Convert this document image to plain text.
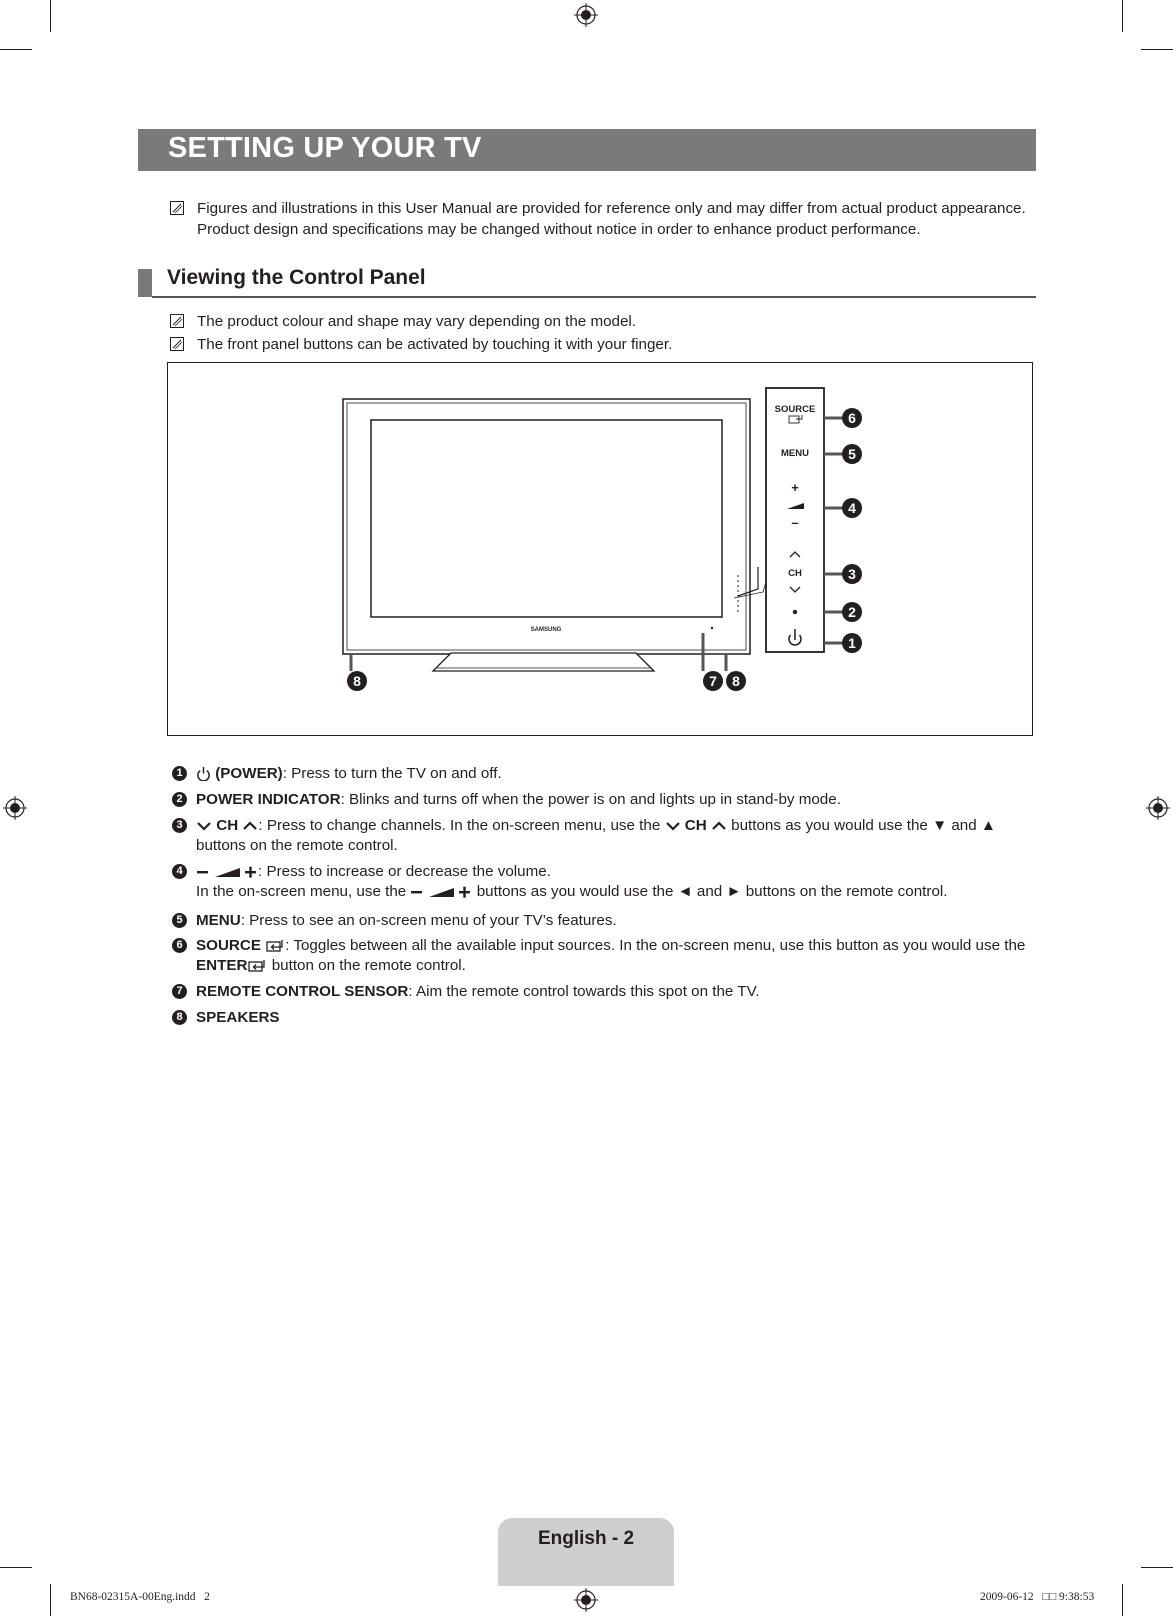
SETTING UP YOUR TV
Figures and illustrations in this User Manual are provided for reference only and may differ from actual product appearance.
Product design and specifications may be changed without notice in order to enhance product performance.
Viewing the Control Panel
The product colour and shape may vary depending on the model.
The front panel buttons can be activated by touching it with your finger.
SAMSUNG
SOURCE
MENU
+
–
CH
6
5
4
3
2
1
8	7 8
1	(POWER): Press to turn the TV on and off.
2 POWER INDICATOR: Blinks and turns off when the power is on and lights up in stand-by mode.
3	CH : Press to change channels. In the on-screen menu, use the CH buttons as you would use the ▼ and ▲
buttons on the remote control.
4	: Press to increase or decrease the volume.
In the on-screen menu, use the	buttons as you would use the ◄ and ► buttons on the remote control.
5 MENU: Press to see an on-screen menu of your TV’s features.
6 SOURCE : Toggles between all the available input sources. In the on-screen menu, use this button as you would use the
ENTER button on the remote control.
7 REMOTE CONTROL SENSOR: Aim the remote control towards this spot on the TV.
8 SPEAKERS
English - 2
BN68-02315A-00Eng.indd   2	2009-06-12   □□ 9:38:53
